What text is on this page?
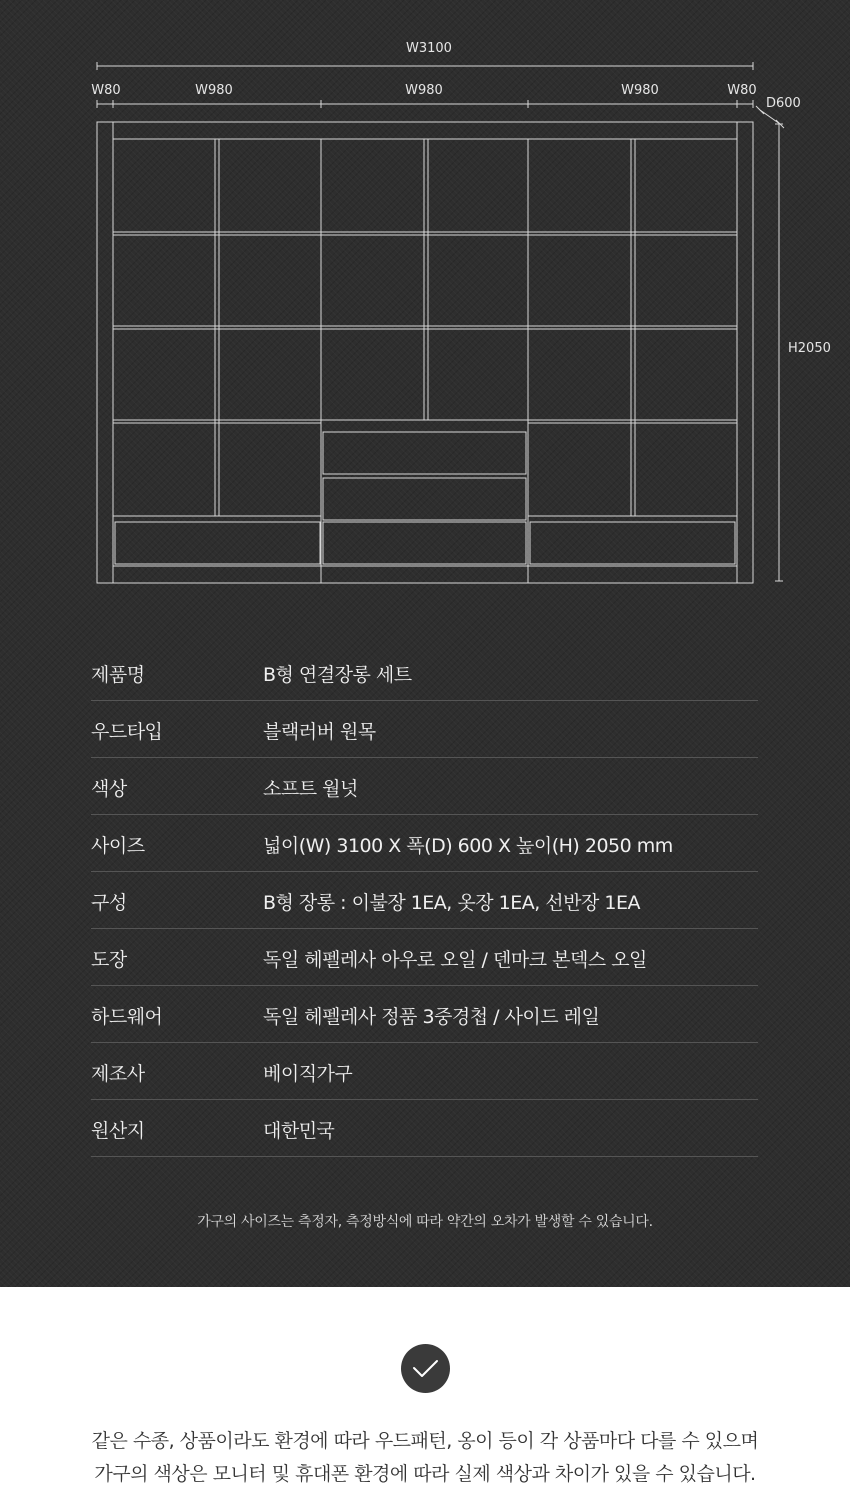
W3100
W80	W980	W980	W980	W80
D600
H2050
제품명	B형 연결장롱 세트
우드타입	블랙러버 원목
색상	소프트 월넛
사이즈	넓이(W) 3100 X 폭(D) 600 X 높이(H) 2050 mm
구성	B형 장롱 : 이불장 1EA, 옷장 1EA, 선반장 1EA
도장	독일 헤펠레사 아우로 오일 / 덴마크 본덱스 오일
하드웨어	독일 헤펠레사 정품 3중경첩 / 사이드 레일
제조사	베이직가구
원산지	대한민국
가구의 사이즈는 측정자, 측정방식에 따라 약간의 오차가 발생할 수 있습니다.
같은 수종, 상품이라도 환경에 따라 우드패턴, 옹이 등이 각 상품마다 다를 수 있으며
가구의 색상은 모니터 및 휴대폰 환경에 따라 실제 색상과 차이가 있을 수 있습니다.
